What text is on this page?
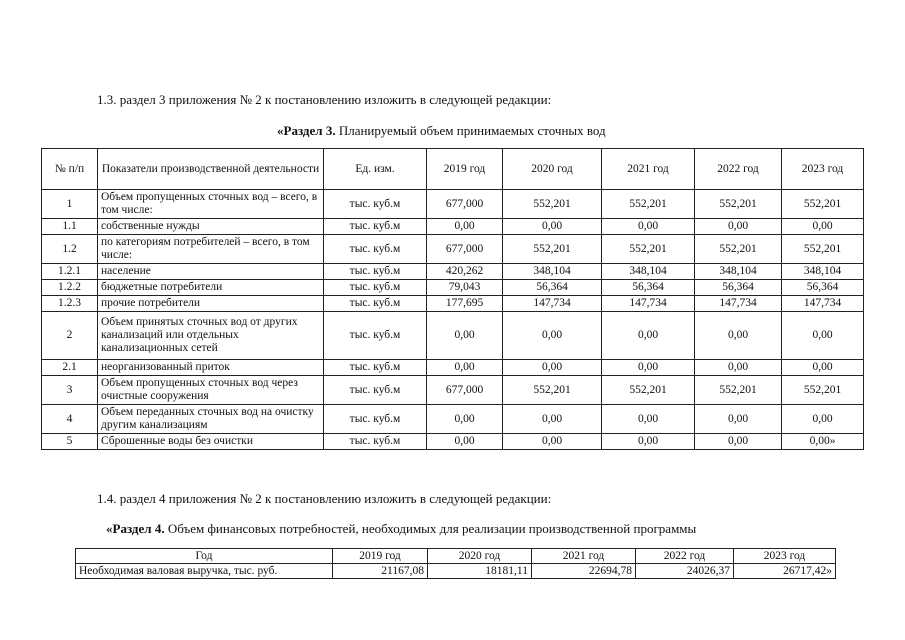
1.3. раздел 3 приложения № 2 к постановлению изложить в следующей редакции:
«Раздел 3. Планируемый объем принимаемых сточных вод
№ п/п	Показатели производственной деятельности	Ед. изм.	2019 год	2020 год	2021 год	2022 год	2023 год
1	Объем пропущенных сточных вод – всего, в том числе:	тыс. куб.м	677,000	552,201	552,201	552,201	552,201
1.1	собственные нужды	тыс. куб.м	0,00	0,00	0,00	0,00	0,00
1.2	по категориям потребителей – всего, в том числе:	тыс. куб.м	677,000	552,201	552,201	552,201	552,201
1.2.1	население	тыс. куб.м	420,262	348,104	348,104	348,104	348,104
1.2.2	бюджетные потребители	тыс. куб.м	79,043	56,364	56,364	56,364	56,364
1.2.3	прочие потребители	тыс. куб.м	177,695	147,734	147,734	147,734	147,734
2	Объем принятых сточных вод от других канализаций или отдельных канализационных сетей	тыс. куб.м	0,00	0,00	0,00	0,00	0,00
2.1	неорганизованный приток	тыс. куб.м	0,00	0,00	0,00	0,00	0,00
3	Объем пропущенных сточных вод через очистные сооружения	тыс. куб.м	677,000	552,201	552,201	552,201	552,201
4	Объем переданных сточных вод на очистку другим канализациям	тыс. куб.м	0,00	0,00	0,00	0,00	0,00
5	Сброшенные воды без очистки	тыс. куб.м	0,00	0,00	0,00	0,00	0,00»
1.4. раздел 4 приложения № 2 к постановлению изложить в следующей редакции:
«Раздел 4. Объем финансовых потребностей, необходимых для реализации производственной программы
Год	2019 год	2020 год	2021 год	2022 год	2023 год
Необходимая валовая выручка, тыс. руб.	21167,08	18181,11	22694,78	24026,37	26717,42»
